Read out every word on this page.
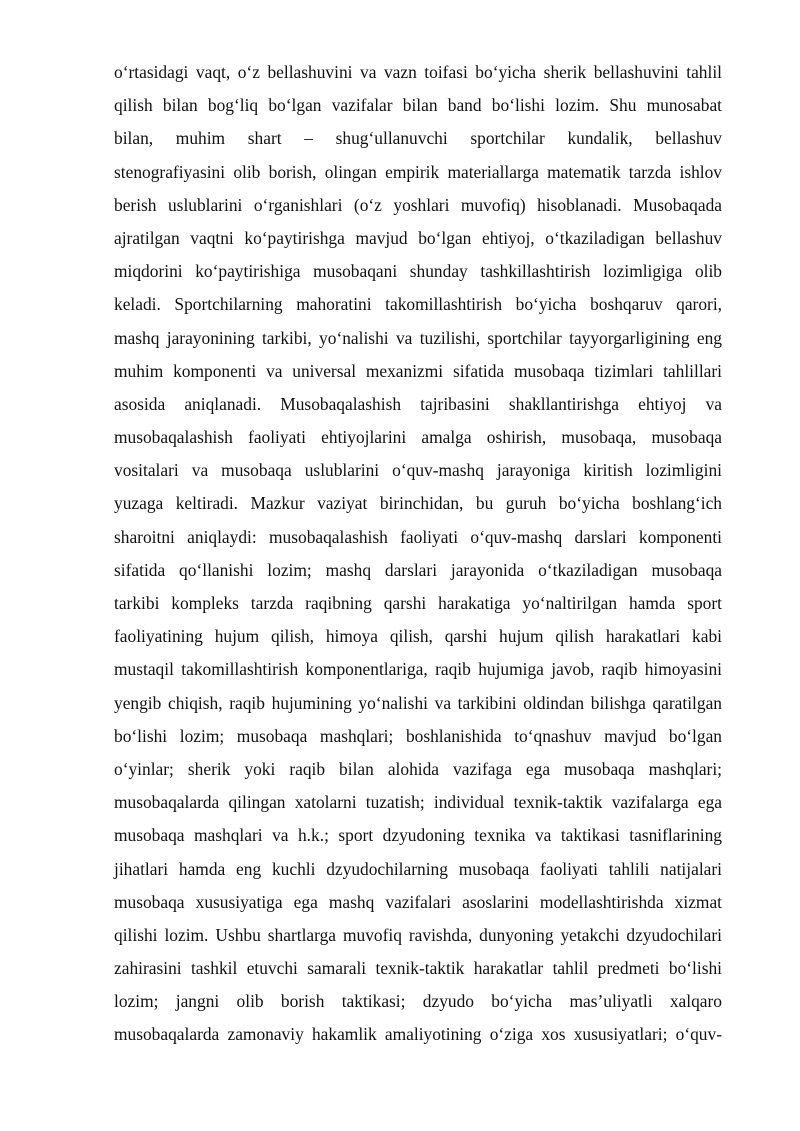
o‘rtasidagi vaqt, o‘z bellashuvini va vazn toifasi bo‘yicha sherik bellashuvini tahlil
qilish bilan bog‘liq bo‘lgan vazifalar bilan band bo‘lishi lozim. Shu munosabat
bilan, muhim shart – shug‘ullanuvchi sportchilar kundalik, bellashuv
stenografiyasini olib borish, olingan empirik materiallarga matematik tarzda ishlov
berish uslublarini o‘rganishlari (o‘z yoshlari muvofiq) hisoblanadi. Musobaqada
ajratilgan vaqtni ko‘paytirishga mavjud bo‘lgan ehtiyoj, o‘tkaziladigan bellashuv
miqdorini ko‘paytirishiga musobaqani shunday tashkillashtirish lozimligiga olib
keladi. Sportchilarning mahoratini takomillashtirish bo‘yicha boshqaruv qarori,
mashq jarayonining tarkibi, yo‘nalishi va tuzilishi, sportchilar tayyorgarligining eng
muhim komponenti va universal mexanizmi sifatida musobaqa tizimlari tahlillari
asosida aniqlanadi. Musobaqalashish tajribasini shakllantirishga ehtiyoj va
musobaqalashish faoliyati ehtiyojlarini amalga oshirish, musobaqa, musobaqa
vositalari va musobaqa uslublarini o‘quv-mashq jarayoniga kiritish lozimligini
yuzaga keltiradi. Mazkur vaziyat birinchidan, bu guruh bo‘yicha boshlang‘ich
sharoitni aniqlaydi: musobaqalashish faoliyati o‘quv-mashq darslari komponenti
sifatida qo‘llanishi lozim; mashq darslari jarayonida o‘tkaziladigan musobaqa
tarkibi kompleks tarzda raqibning qarshi harakatiga yo‘naltirilgan hamda sport
faoliyatining hujum qilish, himoya qilish, qarshi hujum qilish harakatlari kabi
mustaqil takomillashtirish komponentlariga, raqib hujumiga javob, raqib himoyasini
yengib chiqish, raqib hujumining yo‘nalishi va tarkibini oldindan bilishga qaratilgan
bo‘lishi lozim; musobaqa mashqlari; boshlanishida to‘qnashuv mavjud bo‘lgan
o‘yinlar; sherik yoki raqib bilan alohida vazifaga ega musobaqa mashqlari;
musobaqalarda qilingan xatolarni tuzatish; individual texnik-taktik vazifalarga ega
musobaqa mashqlari va h.k.; sport dzyudoning texnika va taktikasi tasniflarining
jihatlari hamda eng kuchli dzyudochilarning musobaqa faoliyati tahlili natijalari
musobaqa xususiyatiga ega mashq vazifalari asoslarini modellashtirishda xizmat
qilishi lozim. Ushbu shartlarga muvofiq ravishda, dunyoning yetakchi dzyudochilari
zahirasini tashkil etuvchi samarali texnik-taktik harakatlar tahlil predmeti bo‘lishi
lozim; jangni olib borish taktikasi; dzyudo bo‘yicha mas’uliyatli xalqaro
musobaqalarda zamonaviy hakamlik amaliyotining o‘ziga xos xususiyatlari; o‘quv-
